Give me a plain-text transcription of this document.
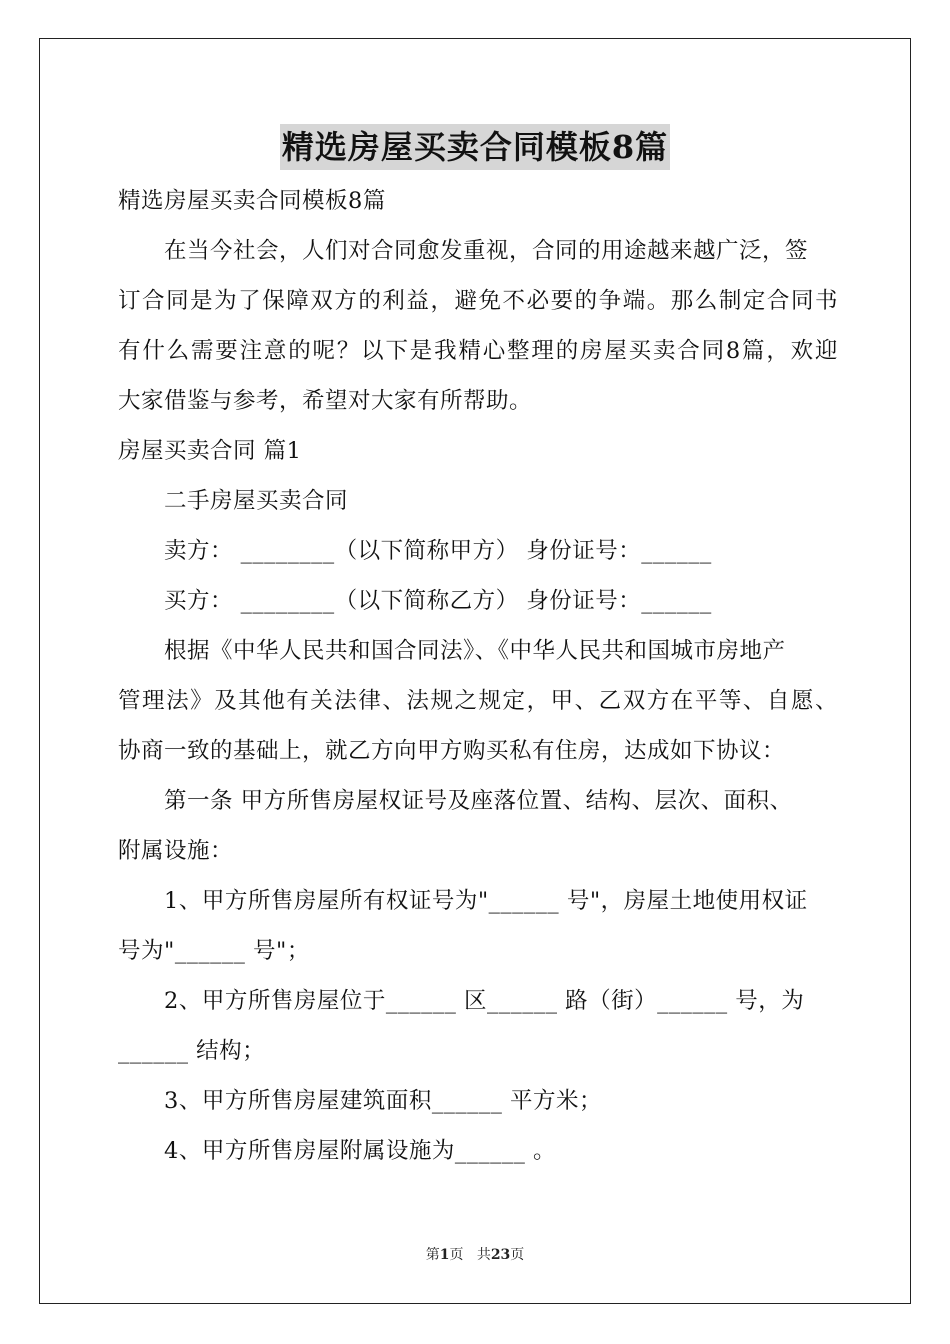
精选房屋买卖合同模板8篇
精选房屋买卖合同模板8篇
在当今社会，人们对合同愈发重视，合同的用途越来越广泛，签
订合同是为了保障双方的利益，避免不必要的争端。那么制定合同书
有什么需要注意的呢？以下是我精心整理的房屋买卖合同8篇，欢迎
大家借鉴与参考，希望对大家有所帮助。
房屋买卖合同 篇1
二手房屋买卖合同
卖方： ________（以下简称甲方） 身份证号：______
买方： ________（以下简称乙方） 身份证号：______
根据《中华人民共和国合同法》、《中华人民共和国城市房地产
管理法》及其他有关法律、法规之规定，甲、乙双方在平等、自愿、
协商一致的基础上，就乙方向甲方购买私有住房，达成如下协议：
第一条 甲方所售房屋权证号及座落位置、结构、层次、面积、
附属设施：
1、甲方所售房屋所有权证号为"______ 号"，房屋土地使用权证
号为"______ 号"；
2、甲方所售房屋位于______ 区______ 路（街）______ 号，为
______ 结构；
3、甲方所售房屋建筑面积______ 平方米；
4、甲方所售房屋附属设施为______ 。
第1页 共23页
